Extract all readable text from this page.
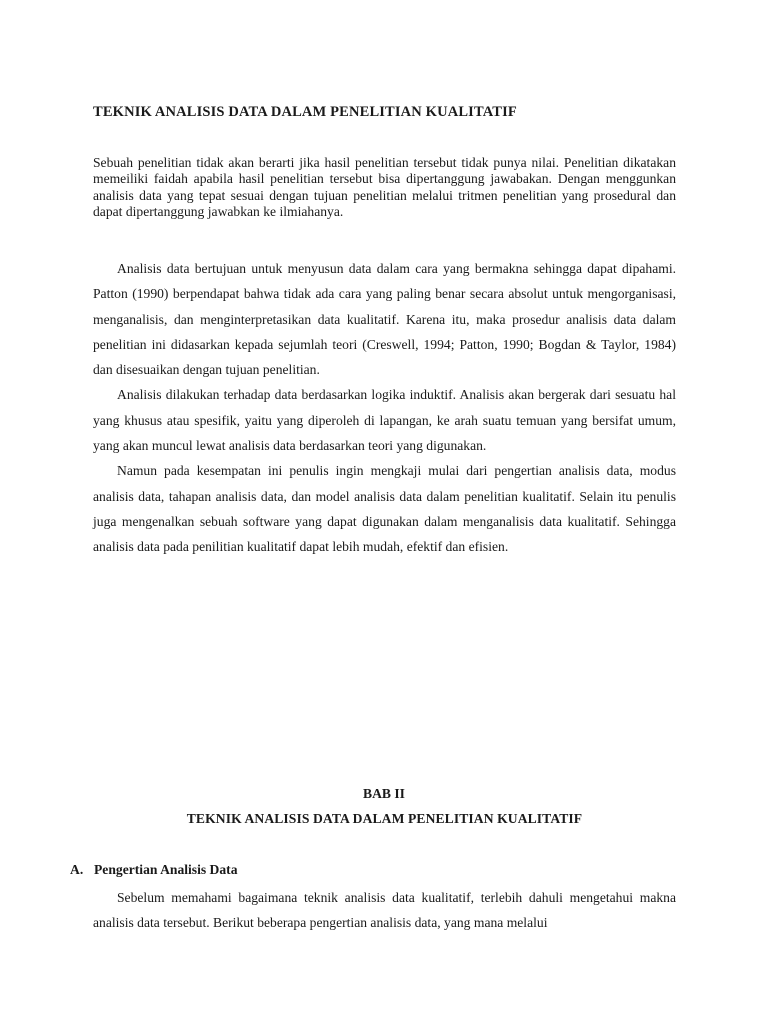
TEKNIK ANALISIS DATA DALAM PENELITIAN KUALITATIF
Sebuah penelitian tidak akan berarti jika hasil penelitian tersebut tidak punya nilai. Penelitian dikatakan memeiliki faidah apabila hasil penelitian tersebut bisa dipertanggung jawabakan. Dengan menggunkan analisis data yang tepat sesuai dengan tujuan penelitian melalui tritmen penelitian yang prosedural dan dapat dipertanggung jawabkan ke ilmiahanya.

Analisis data bertujuan untuk menyusun data dalam cara yang bermakna sehingga dapat dipahami. Patton (1990) berpendapat bahwa tidak ada cara yang paling benar secara absolut untuk mengorganisasi, menganalisis, dan menginterpretasikan data kualitatif. Karena itu, maka prosedur analisis data dalam penelitian ini didasarkan kepada sejumlah teori (Creswell, 1994; Patton, 1990; Bogdan & Taylor, 1984) dan disesuaikan dengan tujuan penelitian.

Analisis dilakukan terhadap data berdasarkan logika induktif. Analisis akan bergerak dari sesuatu hal yang khusus atau spesifik, yaitu yang diperoleh di lapangan, ke arah suatu temuan yang bersifat umum, yang akan muncul lewat analisis data berdasarkan teori yang digunakan.

Namun pada kesempatan ini penulis ingin mengkaji mulai dari pengertian analisis data, modus analisis data, tahapan analisis data, dan model analisis data dalam penelitian kualitatif. Selain itu penulis juga mengenalkan sebuah software yang dapat digunakan dalam menganalisis data kualitatif. Sehingga analisis data pada penilitian kualitatif dapat lebih mudah, efektif dan efisien.

BAB II
TEKNIK ANALISIS DATA DALAM PENELITIAN KUALITATIF
A. Pengertian Analisis Data

Sebelum memahami bagaimana teknik analisis data kualitatif, terlebih dahuli mengetahui makna analisis data tersebut. Berikut beberapa pengertian analisis data, yang mana melalui
